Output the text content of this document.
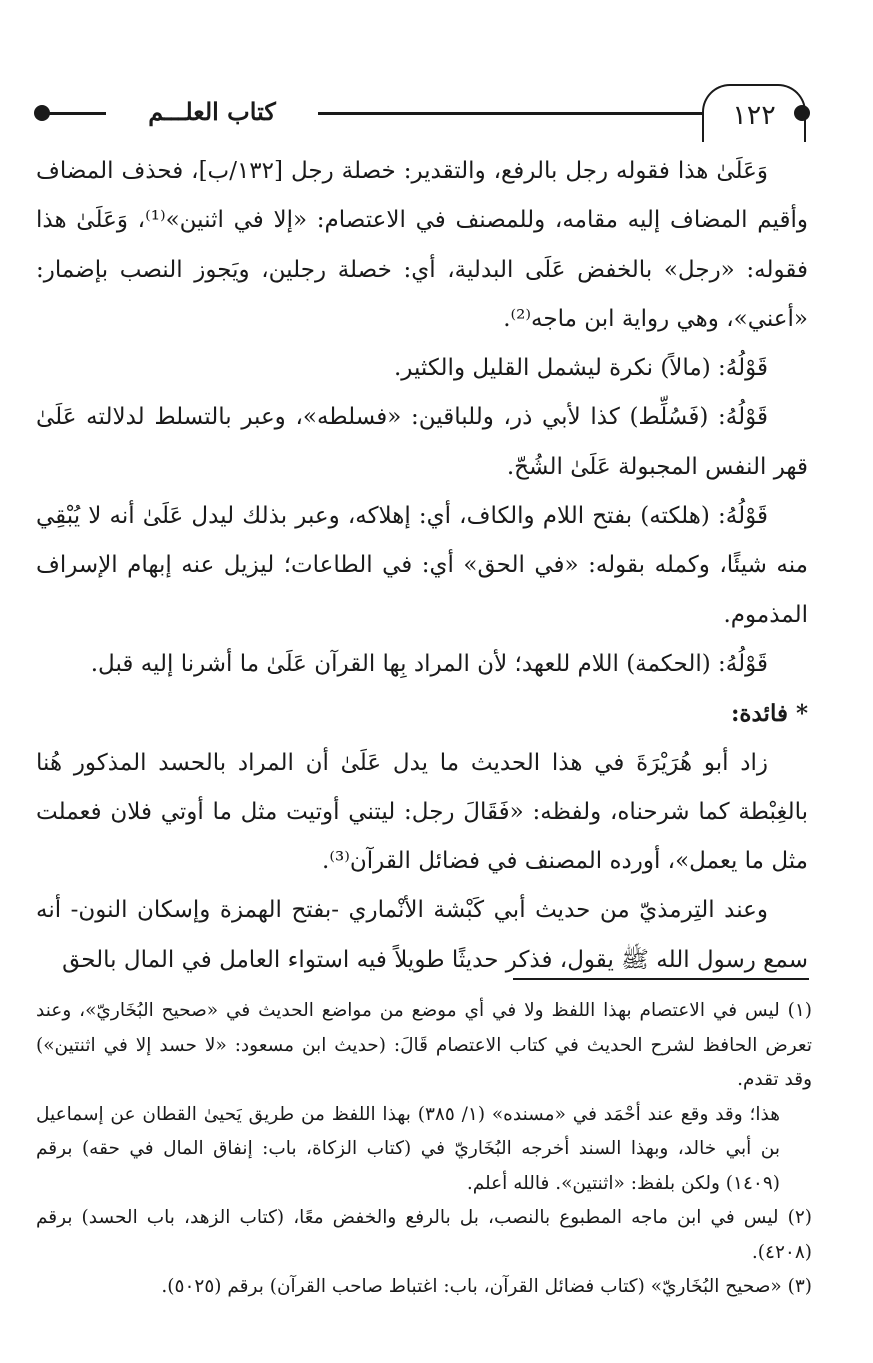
كتاب العلـــم	١٢٢

وَعَلَىٰ هذا فقوله رجل بالرفع، والتقدير: خصلة رجل [١٣٢/ب]، فحذف المضاف وأقيم المضاف إليه مقامه، وللمصنف في الاعتصام: «إلا في اثنين»⁽¹⁾، وَعَلَىٰ هذا فقوله: «رجل» بالخفض عَلَى البدلية، أي: خصلة رجلين، ويَجوز النصب بإضمار: «أعني»، وهي رواية ابن ماجه⁽²⁾.

قَوْلُهُ: (مالاً) نكرة ليشمل القليل والكثير.

قَوْلُهُ: (فَسُلِّط) كذا لأبي ذر، وللباقين: «فسلطه»، وعبر بالتسلط لدلالته عَلَىٰ قهر النفس المجبولة عَلَىٰ الشُحّ.

قَوْلُهُ: (هلكته) بفتح اللام والكاف، أي: إهلاكه، وعبر بذلك ليدل عَلَىٰ أنه لا يُبْقِي منه شيئًا، وكمله بقوله: «في الحق» أي: في الطاعات؛ ليزيل عنه إبهام الإسراف المذموم.

قَوْلُهُ: (الحكمة) اللام للعهد؛ لأن المراد بِها القرآن عَلَىٰ ما أشرنا إليه قبل.

* فائدة:

زاد أبو هُرَيْرَةَ في هذا الحديث ما يدل عَلَىٰ أن المراد بالحسد المذكور هُنا بالغِبْطة كما شرحناه، ولفظه: «فَقَالَ رجل: ليتني أوتيت مثل ما أوتي فلان فعملت مثل ما يعمل»، أورده المصنف في فضائل القرآن⁽³⁾.

وعند التِرمذيّ من حديث أبي كَبْشة الأنْماري -بفتح الهمزة وإسكان النون- أنه سمع رسول الله ﷺ يقول، فذكر حديثًا طويلاً فيه استواء العامل في المال بالحق

(١) ليس في الاعتصام بهذا اللفظ ولا في أي موضع من مواضع الحديث في «صحيح البُخَاريّ»، وعند تعرض الحافظ لشرح الحديث في كتاب الاعتصام قَالَ: (حديث ابن مسعود: «لا حسد إلا في اثنتين») وقد تقدم.

هذا؛ وقد وقع عند أحْمَد في «مسنده» (١/ ٣٨٥) بهذا اللفظ من طريق يَحيىٰ القطان عن إسماعيل بن أبي خالد، وبهذا السند أخرجه البُخَاريّ في (كتاب الزكاة، باب: إنفاق المال في حقه) برقم (١٤٠٩) ولكن بلفظ: «اثنتين». فالله أعلم.

(٢) ليس في ابن ماجه المطبوع بالنصب، بل بالرفع والخفض معًا، (كتاب الزهد، باب الحسد) برقم (٤٢٠٨).

(٣) «صحيح البُخَاريّ» (كتاب فضائل القرآن، باب: اغتباط صاحب القرآن) برقم (٥٠٢٥).
